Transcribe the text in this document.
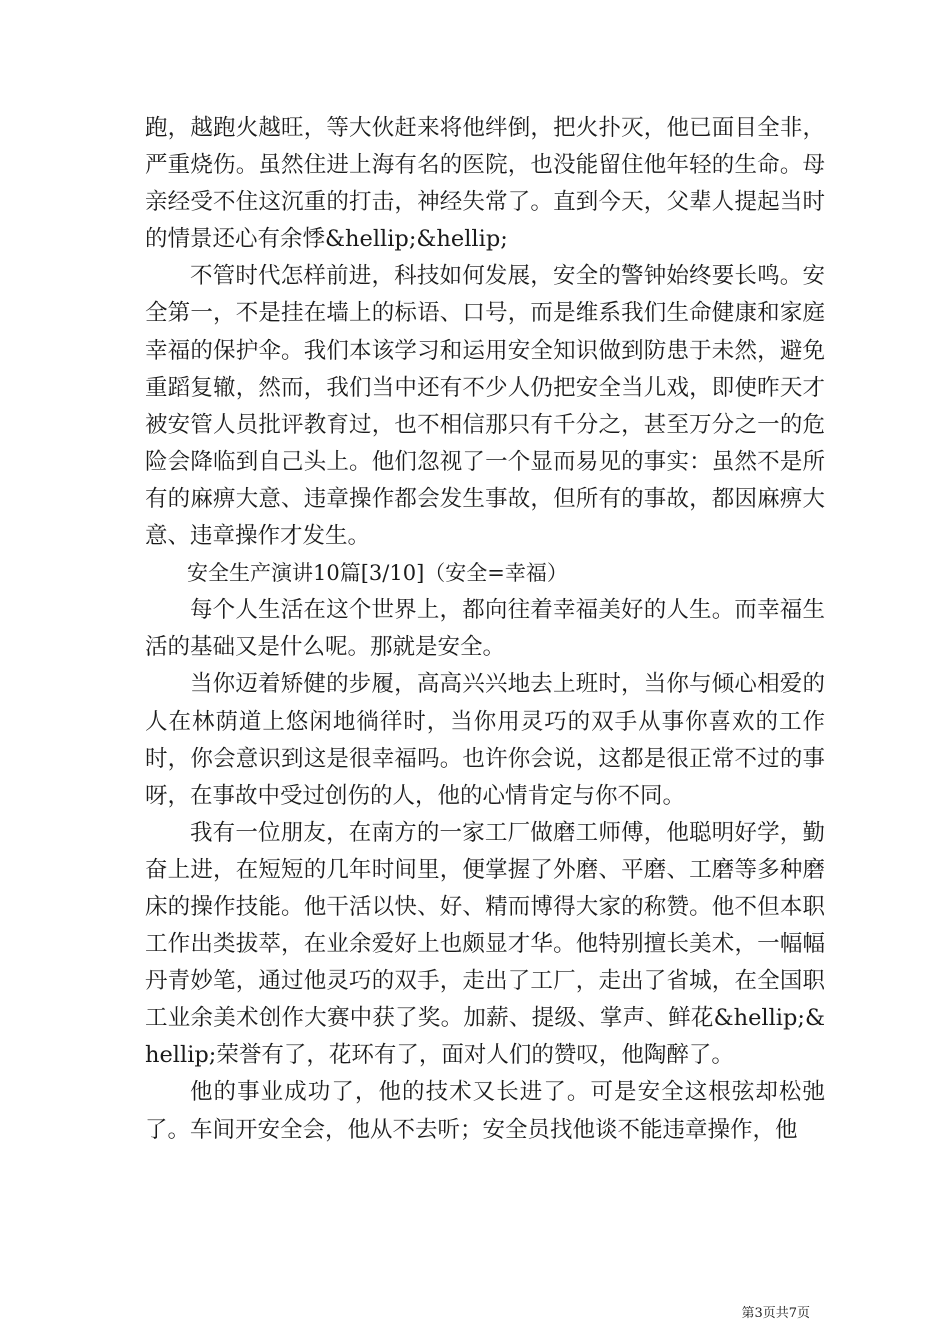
跑，越跑火越旺，等大伙赶来将他绊倒，把火扑灭，他已面目全非，严重烧伤。虽然住进上海有名的医院，也没能留住他年轻的生命。母亲经受不住这沉重的打击，神经失常了。直到今天，父辈人提起当时的情景还心有余悸&hellip;&hellip;

不管时代怎样前进，科技如何发展，安全的警钟始终要长鸣。安全第一，不是挂在墙上的标语、口号，而是维系我们生命健康和家庭幸福的保护伞。我们本该学习和运用安全知识做到防患于未然，避免重蹈复辙，然而，我们当中还有不少人仍把安全当儿戏，即使昨天才被安管人员批评教育过，也不相信那只有千分之，甚至万分之一的危险会降临到自己头上。他们忽视了一个显而易见的事实：虽然不是所有的麻痹大意、违章操作都会发生事故，但所有的事故，都因麻痹大意、违章操作才发生。

安全生产演讲10篇[3/10]（安全=幸福）

每个人生活在这个世界上，都向往着幸福美好的人生。而幸福生活的基础又是什么呢。那就是安全。

当你迈着矫健的步履，高高兴兴地去上班时，当你与倾心相爱的人在林荫道上悠闲地徜徉时，当你用灵巧的双手从事你喜欢的工作时，你会意识到这是很幸福吗。也许你会说，这都是很正常不过的事呀，在事故中受过创伤的人，他的心情肯定与你不同。

我有一位朋友，在南方的一家工厂做磨工师傅，他聪明好学，勤奋上进，在短短的几年时间里，便掌握了外磨、平磨、工磨等多种磨床的操作技能。他干活以快、好、精而博得大家的称赞。他不但本职工作出类拔萃，在业余爱好上也颇显才华。他特别擅长美术，一幅幅丹青妙笔，通过他灵巧的双手，走出了工厂，走出了省城，在全国职工业余美术创作大赛中获了奖。加薪、提级、掌声、鲜花&hellip;&hellip;荣誉有了，花环有了，面对人们的赞叹，他陶醉了。

他的事业成功了，他的技术又长进了。可是安全这根弦却松弛了。车间开安全会，他从不去听；安全员找他谈不能违章操作，他

第3页共7页
